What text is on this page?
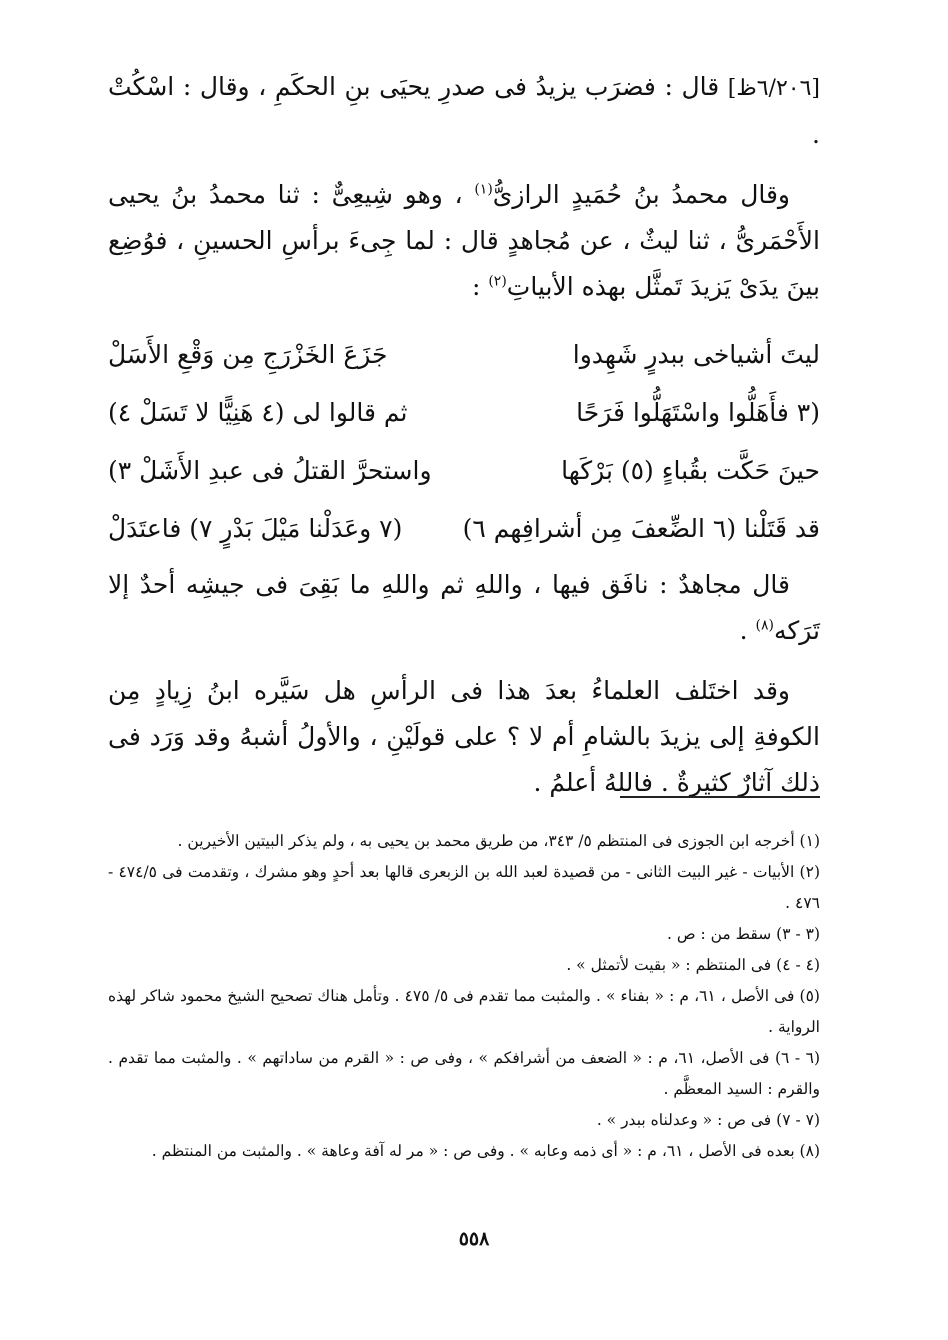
[٦/٢٠٦ظ] قال : فضرَب يزيدُ فى صدرِ يحيَى بنِ الحكَمِ ، وقال : اسْكُتْ .

وقال محمدُ بنُ حُمَيدٍ الرازىُّ$^{(١)}$ ، وهو شِيعِىٌّ : ثنا محمدُ بنُ يحيى الأَحْمَرىُّ ، ثنا ليثٌ ، عن مُجاهدٍ قال : لما جِىءَ برأسِ الحسينِ ، فوُضِع بينَ يدَىْ يَزيدَ تَمثَّل بهذه الأبياتِ$^{(٢)}$ :

ليتَ أشياخى ببدرٍ شَهِدوا
جَزَعَ الخَزْرَجِ مِن وَقْعِ الأَسَلْ
(٣ فأَهَلُّوا واسْتَهَلُّوا فَرَحًا
ثم قالوا لى (٤ هَنِيًّا لا تَسَلْ ٤)
حينَ حَكَّت بقُباءٍ (٥) بَرْكَها
واستحرَّ القتلُ فى عبدِ الأَشَلْ ٣)
قد قَتَلْنا (٦ الضِّعفَ مِن أشرافِهم ٦)
(٧ وعَدَلْنا مَيْلَ بَدْرٍ ٧) فاعتَدَلْ

قال مجاهدٌ : نافَق فيها ، واللهِ ثم واللهِ ما بَقِىَ فى جيشِه أحدٌ إلا تَرَكه$^{(٨)}$ .

وقد اختَلف العلماءُ بعدَ هذا فى الرأسِ هل سَيَّره ابنُ زِيادٍ مِن الكوفةِ إلى يزيدَ بالشامِ أم لا ؟ على قولَيْنِ ، والأولُ أشبهُ وقد وَرَد فى ذلك آثارٌ كثيرةٌ . فاللهُ أعلمُ .

(١) أخرجه ابن الجوزى فى المنتظم ٥/ ٣٤٣، من طريق محمد بن يحيى به ، ولم يذكر البيتين الأخيرين .

(٢) الأبيات - غير البيت الثانى - من قصيدة لعبد الله بن الزبعرى قالها بعد أحدٍ وهو مشرك ، وتقدمت فى ٤٧٤/٥ - ٤٧٦ .

(٣ - ٣) سقط من : ص .

(٤ - ٤) فى المنتظم : « بقيت لأتمثل » .

(٥) فى الأصل ، ٦١، م : « بفناء » . والمثبت مما تقدم فى ٥/ ٤٧٥ . وتأمل هناك تصحيح الشيخ محمود شاكر لهذه الرواية .

(٦ - ٦) فى الأصل، ٦١، م : « الضعف من أشرافكم » ، وفى ص : « القرم من ساداتهم » . والمثبت مما تقدم . والقرم : السيد المعظَّم .

(٧ - ٧) فى ص : « وعدلناه ببدر » .

(٨) بعده فى الأصل ، ٦١، م : « أى ذمه وعابه » . وفى ص : « مر له آفة وعاهة » . والمثبت من المنتظم .

٥٥٨
